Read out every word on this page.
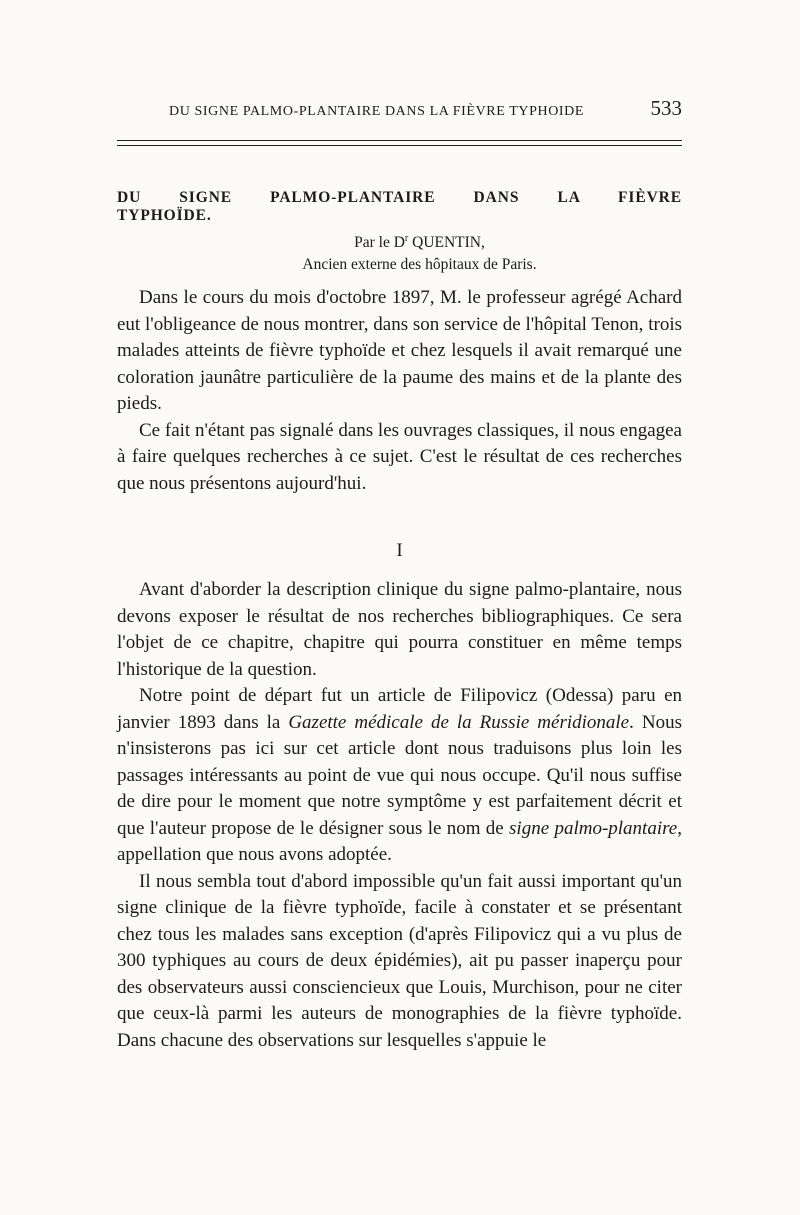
DU SIGNE PALMO-PLANTAIRE DANS LA FIÈVRE TYPHOIDE	533
DU SIGNE PALMO-PLANTAIRE DANS LA FIÈVRE TYPHOÏDE.
Par le $D^r$ QUENTIN,
Ancien externe des hôpitaux de Paris.

Dans le cours du mois d'octobre 1897, M. le professeur agrégé Achard eut l'obligeance de nous montrer, dans son service de l'hôpital Tenon, trois malades atteints de fièvre typhoïde et chez lesquels il avait remarqué une coloration jaunâtre particulière de la paume des mains et de la plante des pieds.

Ce fait n'étant pas signalé dans les ouvrages classiques, il nous engagea à faire quelques recherches à ce sujet. C'est le résultat de ces recherches que nous présentons aujourd'hui.

I

Avant d'aborder la description clinique du signe palmo-plantaire, nous devons exposer le résultat de nos recherches bibliographiques. Ce sera l'objet de ce chapitre, chapitre qui pourra constituer en même temps l'historique de la question.

Notre point de départ fut un article de Filipovicz (Odessa) paru en janvier 1893 dans la Gazette médicale de la Russie méridionale. Nous n'insisterons pas ici sur cet article dont nous traduisons plus loin les passages intéressants au point de vue qui nous occupe. Qu'il nous suffise de dire pour le moment que notre symptôme y est parfaitement décrit et que l'auteur propose de le désigner sous le nom de signe palmo-plantaire, appellation que nous avons adoptée.

Il nous sembla tout d'abord impossible qu'un fait aussi important qu'un signe clinique de la fièvre typhoïde, facile à constater et se présentant chez tous les malades sans exception (d'après Filipovicz qui a vu plus de 300 typhiques au cours de deux épidémies), ait pu passer inaperçu pour des observateurs aussi consciencieux que Louis, Murchison, pour ne citer que ceux-là parmi les auteurs de monographies de la fièvre typhoïde. Dans chacune des observations sur lesquelles s'appuie le
